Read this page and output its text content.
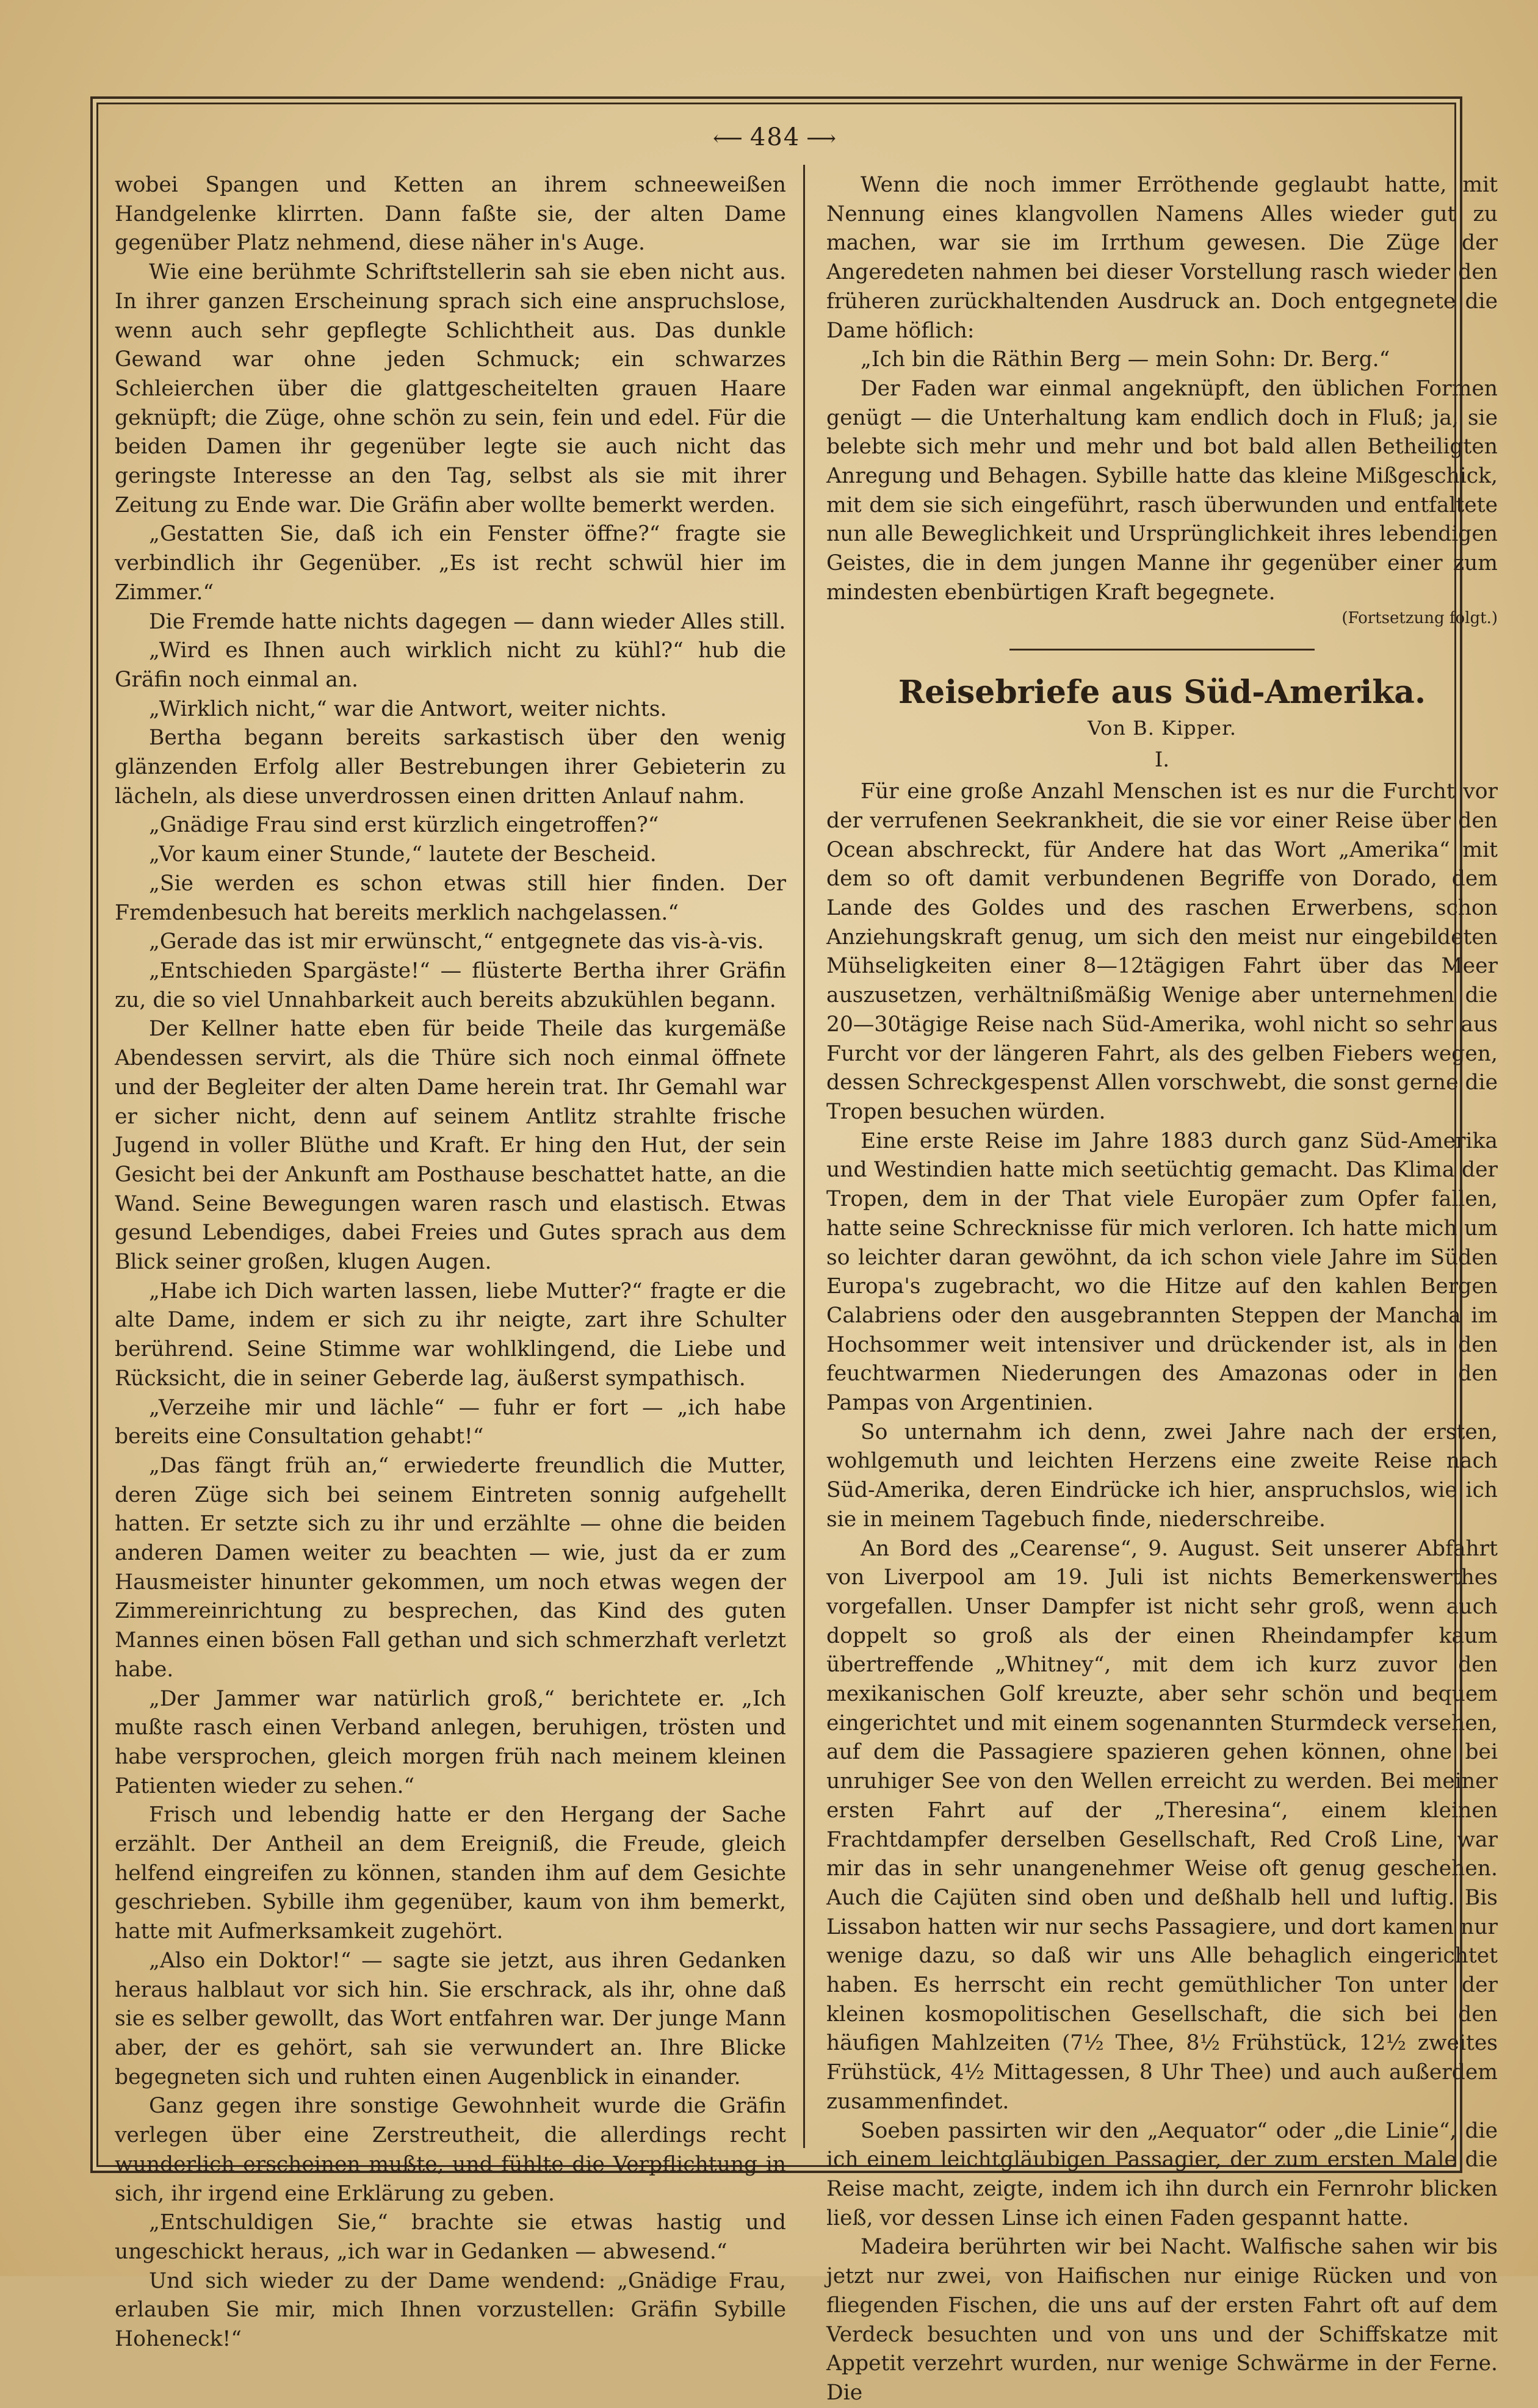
⟵ 484 ⟶

wobei Spangen und Ketten an ihrem schneeweißen Handgelenke klirrten. Dann faßte sie, der alten Dame gegenüber Platz nehmend, diese näher in's Auge.

Wie eine berühmte Schriftstellerin sah sie eben nicht aus. In ihrer ganzen Erscheinung sprach sich eine anspruchslose, wenn auch sehr gepflegte Schlichtheit aus. Das dunkle Gewand war ohne jeden Schmuck; ein schwarzes Schleierchen über die glattgescheitelten grauen Haare geknüpft; die Züge, ohne schön zu sein, fein und edel. Für die beiden Damen ihr gegenüber legte sie auch nicht das geringste Interesse an den Tag, selbst als sie mit ihrer Zeitung zu Ende war. Die Gräfin aber wollte bemerkt werden.

„Gestatten Sie, daß ich ein Fenster öffne?“ fragte sie verbindlich ihr Gegenüber. „Es ist recht schwül hier im Zimmer.“

Die Fremde hatte nichts dagegen — dann wieder Alles still.

„Wird es Ihnen auch wirklich nicht zu kühl?“ hub die Gräfin noch einmal an.

„Wirklich nicht,“ war die Antwort, weiter nichts.

Bertha begann bereits sarkastisch über den wenig glänzenden Erfolg aller Bestrebungen ihrer Gebieterin zu lächeln, als diese unverdrossen einen dritten Anlauf nahm.

„Gnädige Frau sind erst kürzlich eingetroffen?“

„Vor kaum einer Stunde,“ lautete der Bescheid.

„Sie werden es schon etwas still hier finden. Der Fremdenbesuch hat bereits merklich nachgelassen.“

„Gerade das ist mir erwünscht,“ entgegnete das vis-à-vis.

„Entschieden Spargäste!“ — flüsterte Bertha ihrer Gräfin zu, die so viel Unnahbarkeit auch bereits abzukühlen begann.

Der Kellner hatte eben für beide Theile das kurgemäße Abendessen servirt, als die Thüre sich noch einmal öffnete und der Begleiter der alten Dame herein trat. Ihr Gemahl war er sicher nicht, denn auf seinem Antlitz strahlte frische Jugend in voller Blüthe und Kraft. Er hing den Hut, der sein Gesicht bei der Ankunft am Posthause beschattet hatte, an die Wand. Seine Bewegungen waren rasch und elastisch. Etwas gesund Lebendiges, dabei Freies und Gutes sprach aus dem Blick seiner großen, klugen Augen.

„Habe ich Dich warten lassen, liebe Mutter?“ fragte er die alte Dame, indem er sich zu ihr neigte, zart ihre Schulter berührend. Seine Stimme war wohlklingend, die Liebe und Rücksicht, die in seiner Geberde lag, äußerst sympathisch.

„Verzeihe mir und lächle“ — fuhr er fort — „ich habe bereits eine Consultation gehabt!“

„Das fängt früh an,“ erwiederte freundlich die Mutter, deren Züge sich bei seinem Eintreten sonnig aufgehellt hatten. Er setzte sich zu ihr und erzählte — ohne die beiden anderen Damen weiter zu beachten — wie, just da er zum Hausmeister hinunter gekommen, um noch etwas wegen der Zimmereinrichtung zu besprechen, das Kind des guten Mannes einen bösen Fall gethan und sich schmerzhaft verletzt habe.

„Der Jammer war natürlich groß,“ berichtete er. „Ich mußte rasch einen Verband anlegen, beruhigen, trösten und habe versprochen, gleich morgen früh nach meinem kleinen Patienten wieder zu sehen.“

Frisch und lebendig hatte er den Hergang der Sache erzählt. Der Antheil an dem Ereigniß, die Freude, gleich helfend eingreifen zu können, standen ihm auf dem Gesichte geschrieben. Sybille ihm gegenüber, kaum von ihm bemerkt, hatte mit Aufmerksamkeit zugehört.

„Also ein Doktor!“ — sagte sie jetzt, aus ihren Gedanken heraus halblaut vor sich hin. Sie erschrack, als ihr, ohne daß sie es selber gewollt, das Wort entfahren war. Der junge Mann aber, der es gehört, sah sie verwundert an. Ihre Blicke begegneten sich und ruhten einen Augenblick in einander.

Ganz gegen ihre sonstige Gewohnheit wurde die Gräfin verlegen über eine Zerstreutheit, die allerdings recht wunderlich erscheinen mußte, und fühlte die Verpflichtung in sich, ihr irgend eine Erklärung zu geben.

„Entschuldigen Sie,“ brachte sie etwas hastig und ungeschickt heraus, „ich war in Gedanken — abwesend.“

Und sich wieder zu der Dame wendend: „Gnädige Frau, erlauben Sie mir, mich Ihnen vorzustellen: Gräfin Sybille Hoheneck!“

Wenn die noch immer Erröthende geglaubt hatte, mit Nennung eines klangvollen Namens Alles wieder gut zu machen, war sie im Irrthum gewesen. Die Züge der Angeredeten nahmen bei dieser Vorstellung rasch wieder den früheren zurückhaltenden Ausdruck an. Doch entgegnete die Dame höflich:

„Ich bin die Räthin Berg — mein Sohn: Dr. Berg.“

Der Faden war einmal angeknüpft, den üblichen Formen genügt — die Unterhaltung kam endlich doch in Fluß; ja, sie belebte sich mehr und mehr und bot bald allen Betheiligten Anregung und Behagen. Sybille hatte das kleine Mißgeschick, mit dem sie sich eingeführt, rasch überwunden und entfaltete nun alle Beweglichkeit und Ursprünglichkeit ihres lebendigen Geistes, die in dem jungen Manne ihr gegenüber einer zum mindesten ebenbürtigen Kraft begegnete.

(Fortsetzung folgt.)
Reisebriefe aus Süd-Amerika.
Von B. Kipper.
I.

Für eine große Anzahl Menschen ist es nur die Furcht vor der verrufenen Seekrankheit, die sie vor einer Reise über den Ocean abschreckt, für Andere hat das Wort „Amerika“ mit dem so oft damit verbundenen Begriffe von Dorado, dem Lande des Goldes und des raschen Erwerbens, schon Anziehungskraft genug, um sich den meist nur eingebildeten Mühseligkeiten einer 8—12tägigen Fahrt über das Meer auszusetzen, verhältnißmäßig Wenige aber unternehmen die 20—30tägige Reise nach Süd-Amerika, wohl nicht so sehr aus Furcht vor der längeren Fahrt, als des gelben Fiebers wegen, dessen Schreckgespenst Allen vorschwebt, die sonst gerne die Tropen besuchen würden.

Eine erste Reise im Jahre 1883 durch ganz Süd-Amerika und Westindien hatte mich seetüchtig gemacht. Das Klima der Tropen, dem in der That viele Europäer zum Opfer fallen, hatte seine Schrecknisse für mich verloren. Ich hatte mich um so leichter daran gewöhnt, da ich schon viele Jahre im Süden Europa's zugebracht, wo die Hitze auf den kahlen Bergen Calabriens oder den ausgebrannten Steppen der Mancha im Hochsommer weit intensiver und drückender ist, als in den feuchtwarmen Niederungen des Amazonas oder in den Pampas von Argentinien.

So unternahm ich denn, zwei Jahre nach der ersten, wohlgemuth und leichten Herzens eine zweite Reise nach Süd-Amerika, deren Eindrücke ich hier, anspruchslos, wie ich sie in meinem Tagebuch finde, niederschreibe.

An Bord des „Cearense“, 9. August. Seit unserer Abfahrt von Liverpool am 19. Juli ist nichts Bemerkenswerthes vorgefallen. Unser Dampfer ist nicht sehr groß, wenn auch doppelt so groß als der einen Rheindampfer kaum übertreffende „Whitney“, mit dem ich kurz zuvor den mexikanischen Golf kreuzte, aber sehr schön und bequem eingerichtet und mit einem sogenannten Sturmdeck versehen, auf dem die Passagiere spazieren gehen können, ohne bei unruhiger See von den Wellen erreicht zu werden. Bei meiner ersten Fahrt auf der „Theresina“, einem kleinen Frachtdampfer derselben Gesellschaft, Red Croß Line, war mir das in sehr unangenehmer Weise oft genug geschehen. Auch die Cajüten sind oben und deßhalb hell und luftig. Bis Lissabon hatten wir nur sechs Passagiere, und dort kamen nur wenige dazu, so daß wir uns Alle behaglich eingerichtet haben. Es herrscht ein recht gemüthlicher Ton unter der kleinen kosmopolitischen Gesellschaft, die sich bei den häufigen Mahlzeiten (7½ Thee, 8½ Frühstück, 12½ zweites Frühstück, 4½ Mittagessen, 8 Uhr Thee) und auch außerdem zusammenfindet.

Soeben passirten wir den „Aequator“ oder „die Linie“, die ich einem leichtgläubigen Passagier, der zum ersten Male die Reise macht, zeigte, indem ich ihn durch ein Fernrohr blicken ließ, vor dessen Linse ich einen Faden gespannt hatte.

Madeira berührten wir bei Nacht. Walfische sahen wir bis jetzt nur zwei, von Haifischen nur einige Rücken und von fliegenden Fischen, die uns auf der ersten Fahrt oft auf dem Verdeck besuchten und von uns und der Schiffskatze mit Appetit verzehrt wurden, nur wenige Schwärme in der Ferne. Die
